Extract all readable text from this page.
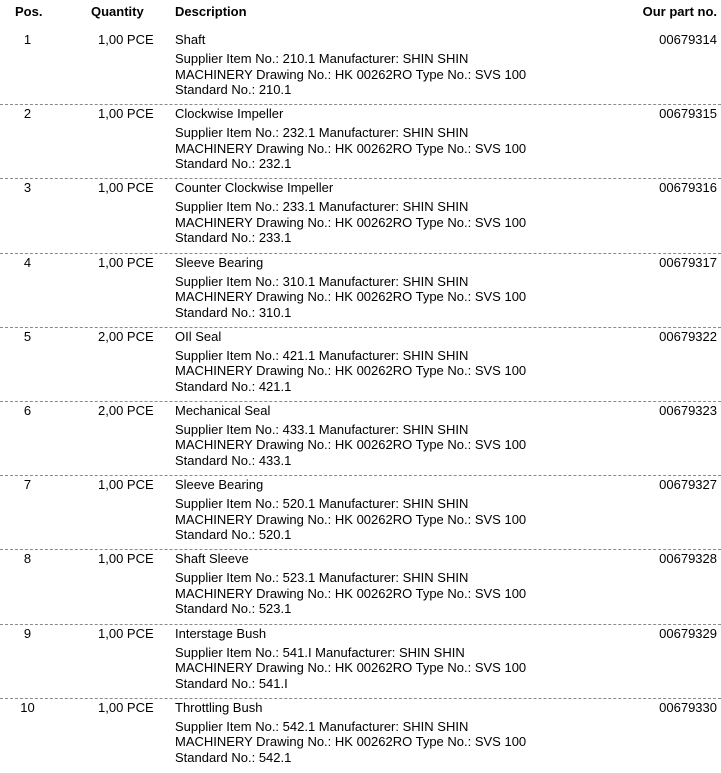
Pos.	Quantity Description	Our part no.
1	1,00 PCE Shaft	00679314
Supplier Item No.: 210.1 Manufacturer: SHIN SHIN
MACHINERY Drawing No.: HK 00262RO Type No.: SVS 100
Standard No.: 210.1
2	1,00 PCE Clockwise Impeller	00679315
Supplier Item No.: 232.1 Manufacturer: SHIN SHIN
MACHINERY Drawing No.: HK 00262RO Type No.: SVS 100
Standard No.: 232.1
3	1,00 PCE Counter Clockwise Impeller	00679316
Supplier Item No.: 233.1 Manufacturer: SHIN SHIN
MACHINERY Drawing No.: HK 00262RO Type No.: SVS 100
Standard No.: 233.1
4	1,00 PCE Sleeve Bearing	00679317
Supplier Item No.: 310.1 Manufacturer: SHIN SHIN
MACHINERY Drawing No.: HK 00262RO Type No.: SVS 100
Standard No.: 310.1
5	2,00 PCE OIl Seal	00679322
Supplier Item No.: 421.1 Manufacturer: SHIN SHIN
MACHINERY Drawing No.: HK 00262RO Type No.: SVS 100
Standard No.: 421.1
6	2,00 PCE Mechanical Seal	00679323
Supplier Item No.: 433.1 Manufacturer: SHIN SHIN
MACHINERY Drawing No.: HK 00262RO Type No.: SVS 100
Standard No.: 433.1
7	1,00 PCE Sleeve Bearing	00679327
Supplier Item No.: 520.1 Manufacturer: SHIN SHIN
MACHINERY Drawing No.: HK 00262RO Type No.: SVS 100
Standard No.: 520.1
8	1,00 PCE Shaft Sleeve	00679328
Supplier Item No.: 523.1 Manufacturer: SHIN SHIN
MACHINERY Drawing No.: HK 00262RO Type No.: SVS 100
Standard No.: 523.1
9	1,00 PCE Interstage Bush	00679329
Supplier Item No.: 541.I Manufacturer: SHIN SHIN
MACHINERY Drawing No.: HK 00262RO Type No.: SVS 100
Standard No.: 541.I
10	1,00 PCE Throttling Bush	00679330
Supplier Item No.: 542.1 Manufacturer: SHIN SHIN
MACHINERY Drawing No.: HK 00262RO Type No.: SVS 100
Standard No.: 542.1
